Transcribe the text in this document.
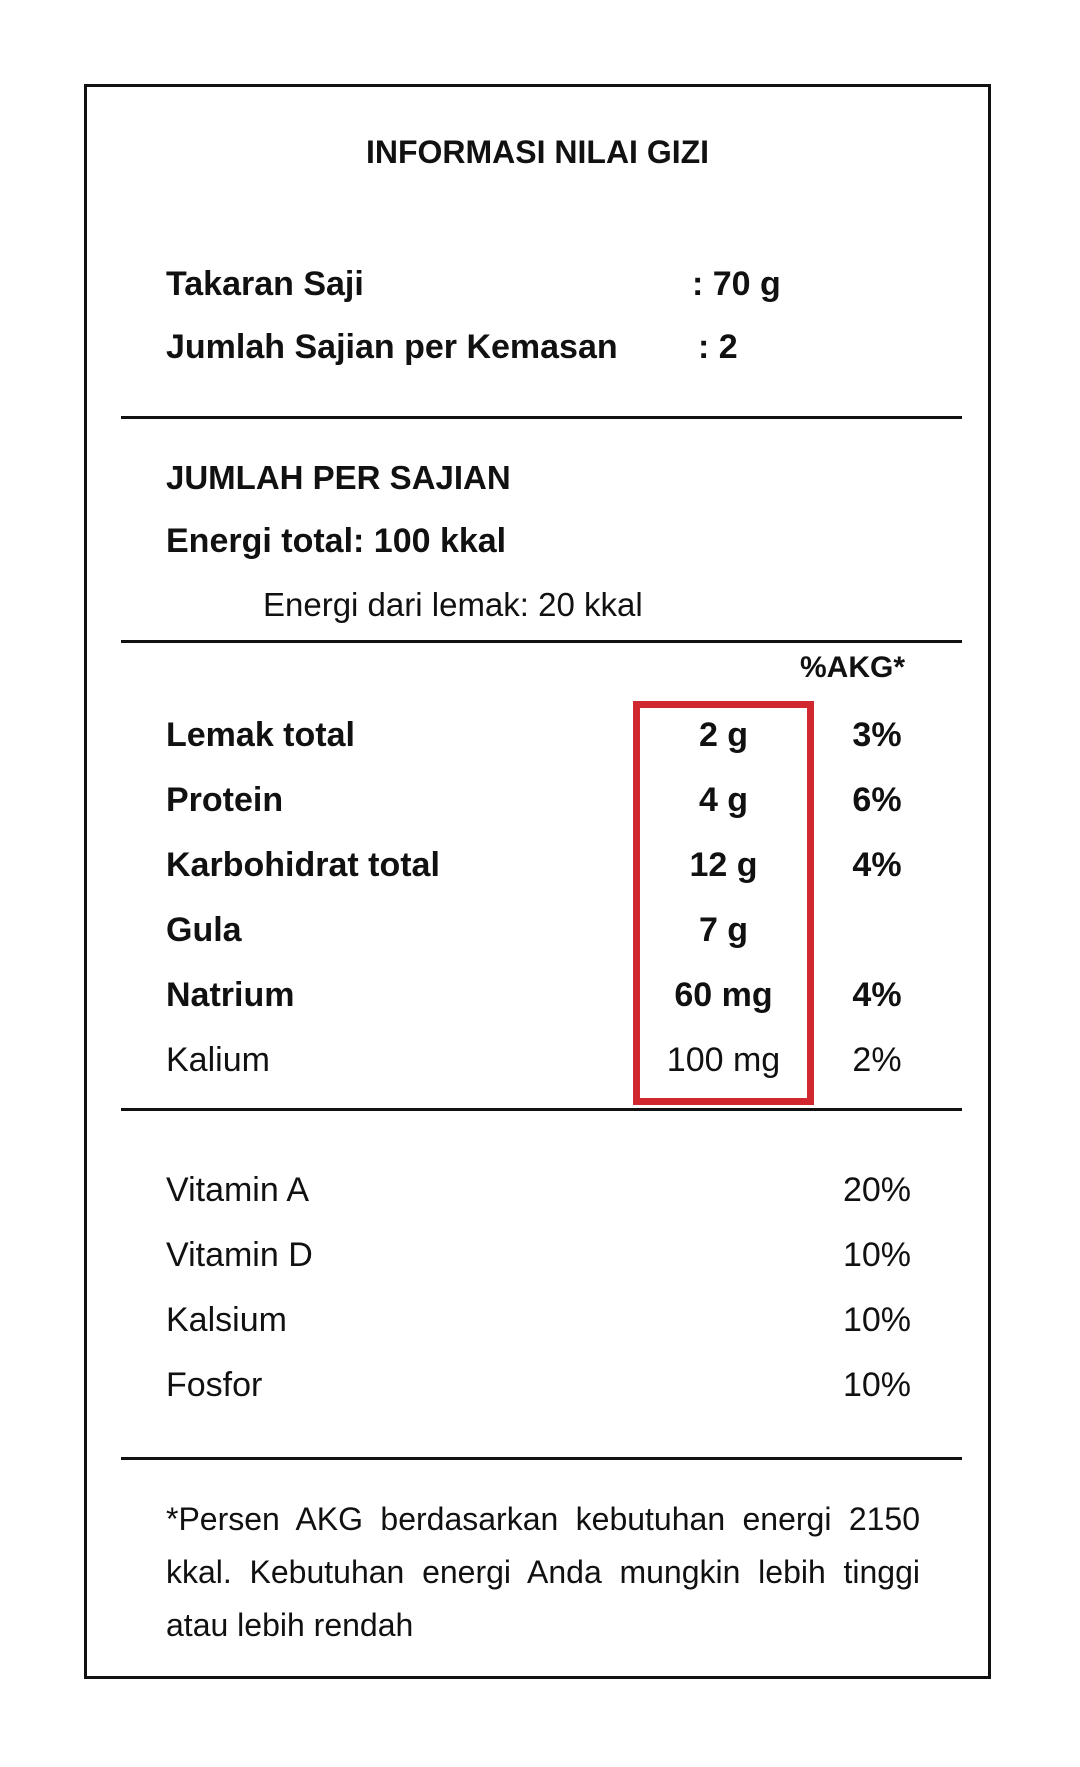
INFORMASI NILAI GIZI
Takaran Saji	: 70 g
Jumlah Sajian per Kemasan : 2
JUMLAH PER SAJIAN
Energi total: 100 kkal
Energi dari lemak: 20 kkal
%AKG*
Lemak total	2 g	3%
Protein	4 g	6%
Karbohidrat total	12 g	4%
Gula	7 g
Natrium	60 mg	4%
Kalium	100 mg	2%
Vitamin A	20%
Vitamin D	10%
Kalsium	10%
Fosfor	10%
*Persen AKG berdasarkan kebutuhan energi 2150 kkal. Kebutuhan energi Anda mungkin lebih tinggi atau lebih rendah
